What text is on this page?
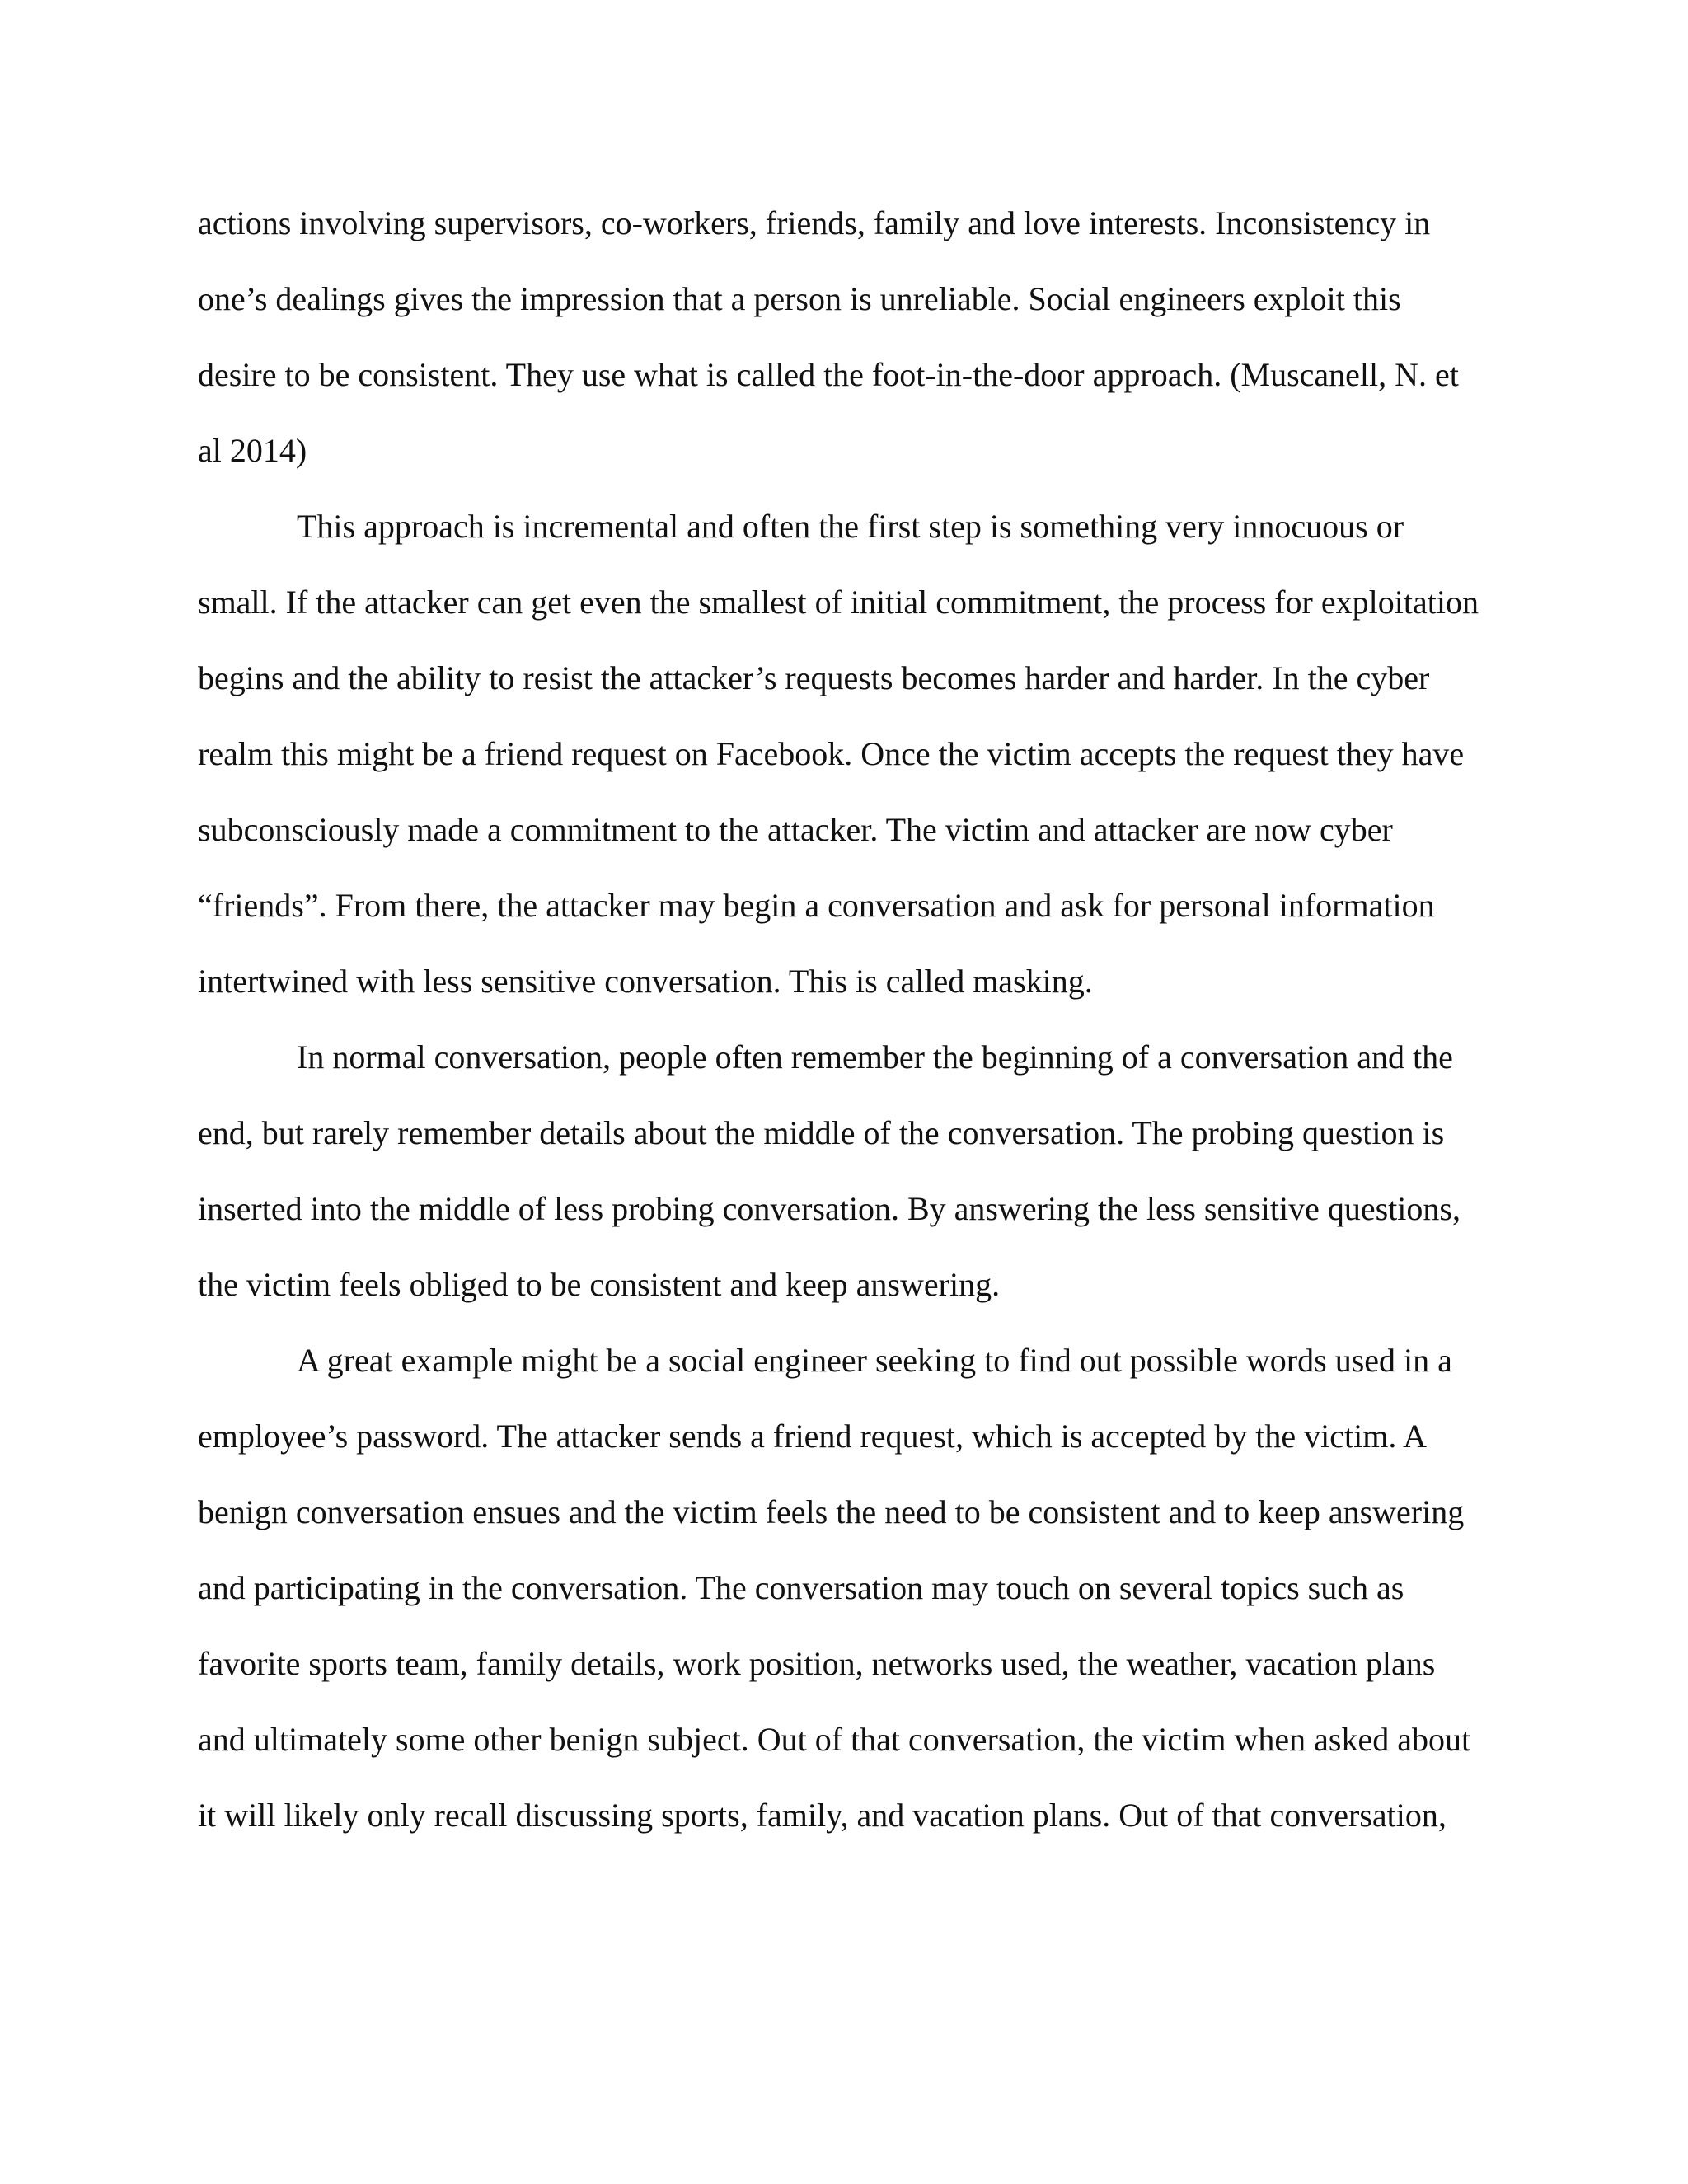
actions involving supervisors, co-workers, friends, family and love interests. Inconsistency in
one’s dealings gives the impression that a person is unreliable. Social engineers exploit this
desire to be consistent. They use what is called the foot-in-the-door approach. (Muscanell, N. et
al 2014)

This approach is incremental and often the first step is something very innocuous or
small. If the attacker can get even the smallest of initial commitment, the process for exploitation
begins and the ability to resist the attacker’s requests becomes harder and harder. In the cyber
realm this might be a friend request on Facebook. Once the victim accepts the request they have
subconsciously made a commitment to the attacker. The victim and attacker are now cyber
“friends”. From there, the attacker may begin a conversation and ask for personal information
intertwined with less sensitive conversation. This is called masking.

In normal conversation, people often remember the beginning of a conversation and the
end, but rarely remember details about the middle of the conversation. The probing question is
inserted into the middle of less probing conversation. By answering the less sensitive questions,
the victim feels obliged to be consistent and keep answering.

A great example might be a social engineer seeking to find out possible words used in a
employee’s password. The attacker sends a friend request, which is accepted by the victim. A
benign conversation ensues and the victim feels the need to be consistent and to keep answering
and participating in the conversation. The conversation may touch on several topics such as
favorite sports team, family details, work position, networks used, the weather, vacation plans
and ultimately some other benign subject. Out of that conversation, the victim when asked about
it will likely only recall discussing sports, family, and vacation plans. Out of that conversation,
